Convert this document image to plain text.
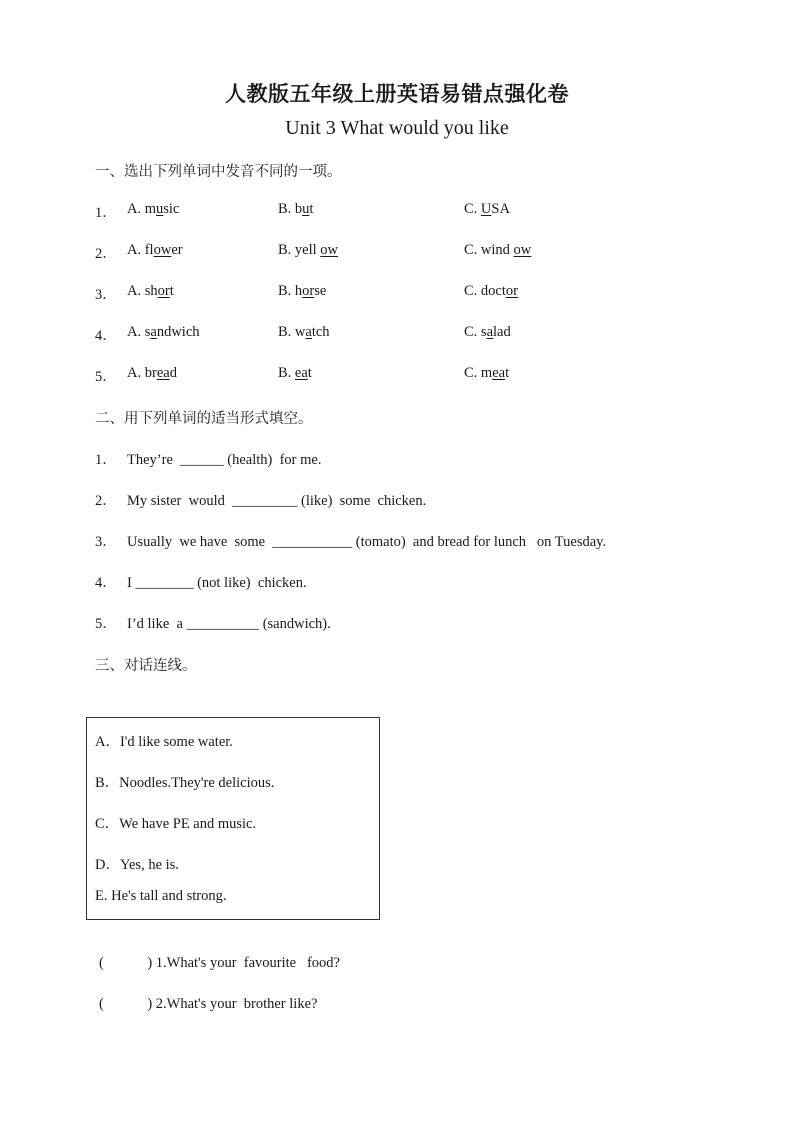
人教版五年级上册英语易错点强化卷
Unit 3 What would you like
一、选出下列单词中发音不同的一项。
1． A. music	B. but	C. USA
2． A. flower	B. yell ow	C. wind ow
3． A. short	B. horse	C. doctor
4． A. sandwich	B. watch	C. salad
5． A. bread	B. eat	C. meat
二、用下列单词的适当形式填空。
1． They’re  ______ (health)  for me.
2． My sister  would  _________ (like)  some  chicken.
3． Usually  we have  some  ___________ (tomato)  and bread for lunch   on Tuesday.
4． I ________ (not like)  chicken.
5． I’d like  a __________ (sandwich).
三、对话连线。
A．I'd like some water.
B．Noodles.They're delicious.
C．We have PE and music.
D．Yes, he is.
E. He's tall and strong.
(            ) 1.What's your  favourite   food?
(            ) 2.What's your  brother like?
